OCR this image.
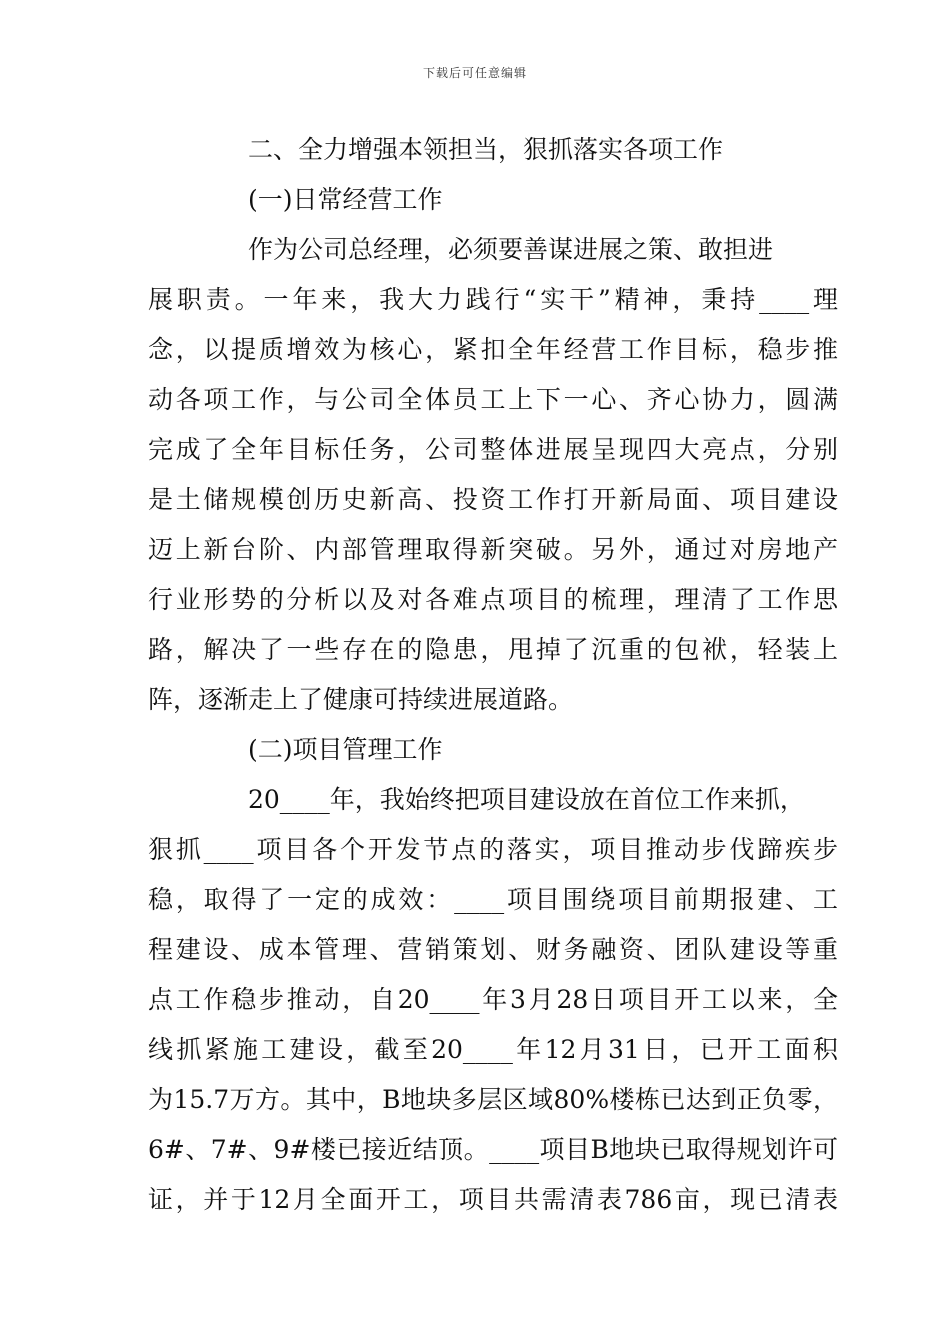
下载后可任意编辑
二、全力增强本领担当，狠抓落实各项工作
(一)日常经营工作
作为公司总经理，必须要善谋进展之策、敢担进
展职责。一年来，我大力践行“实干”精神，秉持____理
念，以提质增效为核心，紧扣全年经营工作目标，稳步推
动各项工作，与公司全体员工上下一心、齐心协力，圆满
完成了全年目标任务，公司整体进展呈现四大亮点，分别
是土储规模创历史新高、投资工作打开新局面、项目建设
迈上新台阶、内部管理取得新突破。另外，通过对房地产
行业形势的分析以及对各难点项目的梳理，理清了工作思
路，解决了一些存在的隐患，甩掉了沉重的包袱，轻装上
阵，逐渐走上了健康可持续进展道路。
(二)项目管理工作
20____年，我始终把项目建设放在首位工作来抓，
狠抓____项目各个开发节点的落实，项目推动步伐蹄疾步
稳，取得了一定的成效：____项目围绕项目前期报建、工
程建设、成本管理、营销策划、财务融资、团队建设等重
点工作稳步推动，自20____年3月28日项目开工以来，全
线抓紧施工建设，截至20____年12月31日，已开工面积
为15.7万方。其中，B地块多层区域80%楼栋已达到正负零，
6#、7#、9#楼已接近结顶。____项目B地块已取得规划许可
证，并于12月全面开工，项目共需清表786亩，现已清表
